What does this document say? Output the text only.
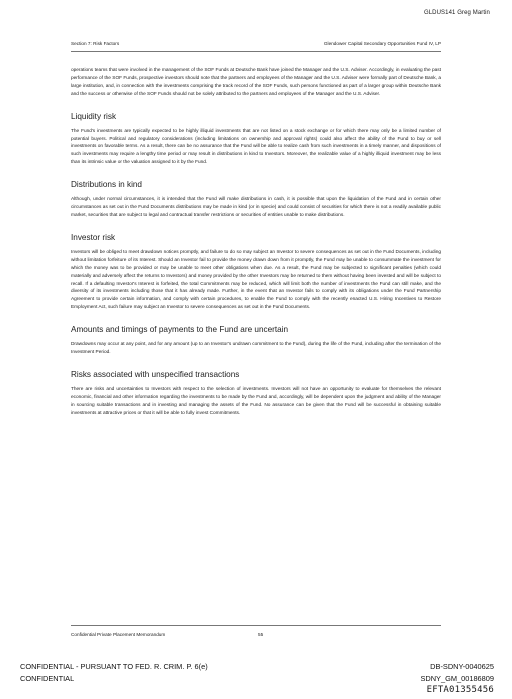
GLDUS141 Greg Martin
Section 7: Risk Factors	Glendower Capital Secondary Opportunities Fund IV, LP

operations teams that were involved in the management of the SOF Funds at Deutsche Bank have joined the Manager and the U.S. Adviser. Accordingly, in evaluating the past performance of the SOF Funds, prospective investors should note that the partners and employees of the Manager and the U.S. Adviser were formally part of Deutsche Bank, a large institution, and, in connection with the investments comprising the track record of the SOF Funds, such persons functioned as part of a larger group within Deutsche Bank and the success or otherwise of the SOF Funds should not be solely attributed to the partners and employees of the Manager and the U.S. Adviser.

Liquidity risk

The Fund's investments are typically expected to be highly illiquid investments that are not listed on a stock exchange or for which there may only be a limited number of potential buyers. Political and regulatory considerations (including limitations on ownership and approval rights) could also affect the ability of the Fund to buy or sell investments on favorable terms. As a result, there can be no assurance that the Fund will be able to realize cash from such investments in a timely manner, and dispositions of such investments may require a lengthy time period or may result in distributions in kind to Investors. Moreover, the realizable value of a highly illiquid investment may be less than its intrinsic value or the valuation assigned to it by the Fund.

Distributions in kind

Although, under normal circumstances, it is intended that the Fund will make distributions in cash, it is possible that upon the liquidation of the Fund and in certain other circumstances as set out in the Fund Documents distributions may be made in kind (or in specie) and could consist of securities for which there is not a readily available public market, securities that are subject to legal and contractual transfer restrictions or securities of entities unable to make distributions.

Investor risk

Investors will be obliged to meet drawdown notices promptly, and failure to do so may subject an Investor to severe consequences as set out in the Fund Documents, including without limitation forfeiture of its Interest. Should an Investor fail to provide the money drawn down from it promptly, the Fund may be unable to consummate the investment for which the money was to be provided or may be unable to meet other obligations when due. As a result, the Fund may be subjected to significant penalties (which could materially and adversely affect the returns to Investors) and money provided by the other Investors may be returned to them without having been invested and will be subject to recall. If a defaulting Investor's Interest is forfeited, the total Commitments may be reduced, which will limit both the number of investments the Fund can still make, and the diversity of its investments including those that it has already made. Further, in the event that an Investor fails to comply with its obligations under the Fund Partnership Agreement to provide certain information, and comply with certain procedures, to enable the Fund to comply with the recently enacted U.S. Hiring Incentives to Restore Employment Act, such failure may subject an Investor to severe consequences as set out in the Fund Documents.

Amounts and timings of payments to the Fund are uncertain

Drawdowns may occur at any point, and for any amount (up to an Investor's undrawn commitment to the Fund), during the life of the Fund, including after the termination of the Investment Period.

Risks associated with unspecified transactions

There are risks and uncertainties to Investors with respect to the selection of investments. Investors will not have an opportunity to evaluate for themselves the relevant economic, financial and other information regarding the investments to be made by the Fund and, accordingly, will be dependent upon the judgment and ability of the Manager in sourcing suitable transactions and in investing and managing the assets of the Fund. No assurance can be given that the Fund will be successful in obtaining suitable investments at attractive prices or that it will be able to fully invest Commitments.

Confidential Private Placement Memorandum	55
CONFIDENTIAL - PURSUANT TO FED. R. CRIM. P. 6(e)
CONFIDENTIAL
DB-SDNY-0040625
SDNY_GM_00186809
EFTA01355456
